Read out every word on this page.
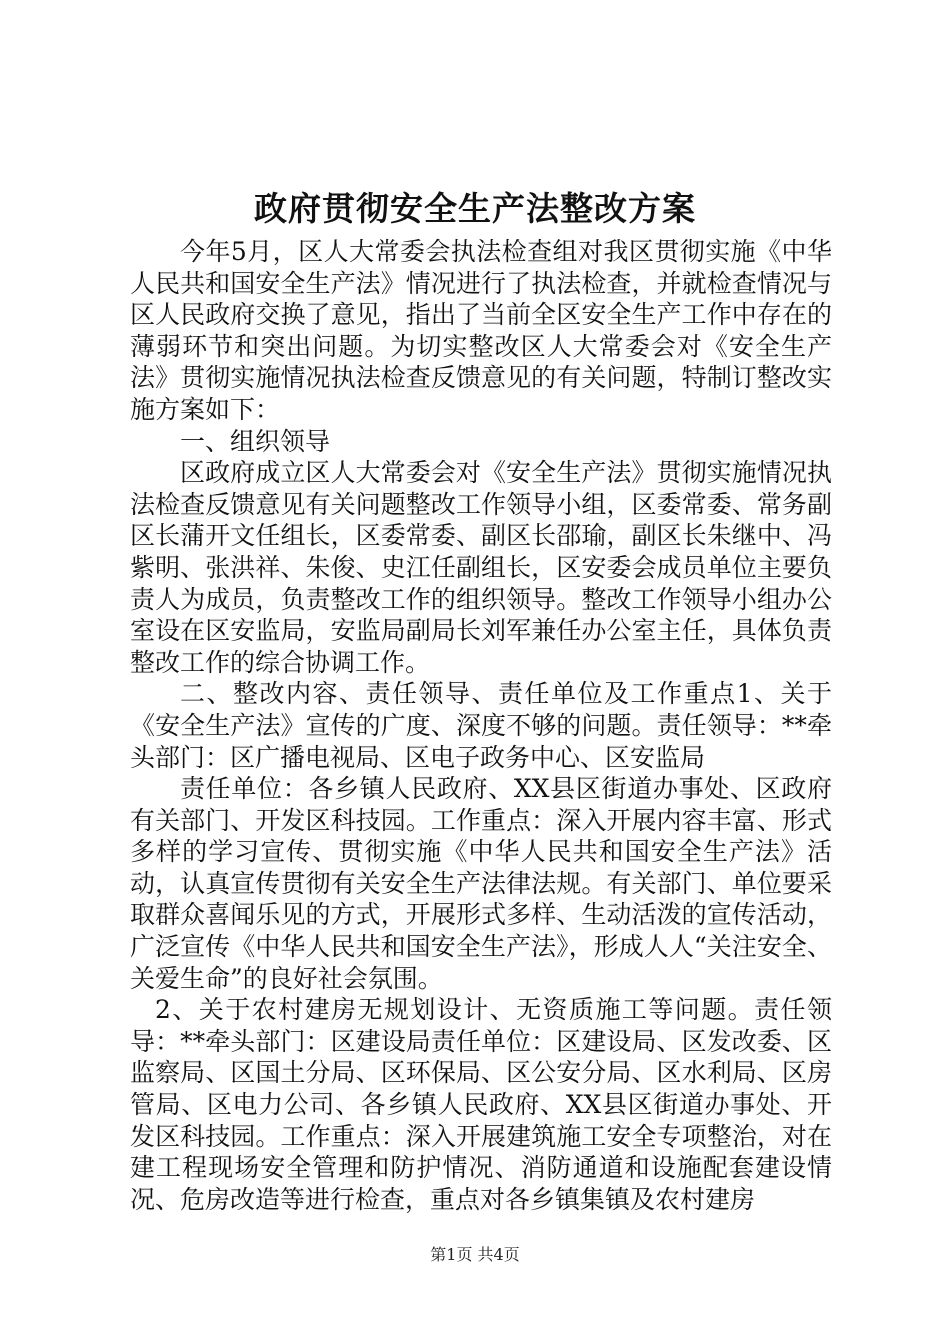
政府贯彻安全生产法整改方案

今年5月，区人大常委会执法检查组对我区贯彻实施《中华人民共和国安全生产法》情况进行了执法检查，并就检查情况与区人民政府交换了意见，指出了当前全区安全生产工作中存在的薄弱环节和突出问题。为切实整改区人大常委会对《安全生产法》贯彻实施情况执法检查反馈意见的有关问题，特制订整改实施方案如下：

一、组织领导

区政府成立区人大常委会对《安全生产法》贯彻实施情况执法检查反馈意见有关问题整改工作领导小组，区委常委、常务副区长蒲开文任组长，区委常委、副区长邵瑜，副区长朱继中、冯紫明、张洪祥、朱俊、史江任副组长，区安委会成员单位主要负责人为成员，负责整改工作的组织领导。整改工作领导小组办公室设在区安监局，安监局副局长刘军兼任办公室主任，具体负责整改工作的综合协调工作。

二、整改内容、责任领导、责任单位及工作重点1、关于《安全生产法》宣传的广度、深度不够的问题。责任领导：**牵头部门：区广播电视局、区电子政务中心、区安监局

责任单位：各乡镇人民政府、XX县区街道办事处、区政府有关部门、开发区科技园。工作重点：深入开展内容丰富、形式多样的学习宣传、贯彻实施《中华人民共和国安全生产法》活动，认真宣传贯彻有关安全生产法律法规。有关部门、单位要采取群众喜闻乐见的方式，开展形式多样、生动活泼的宣传活动，广泛宣传《中华人民共和国安全生产法》，形成人人“关注安全、关爱生命”的良好社会氛围。

2、关于农村建房无规划设计、无资质施工等问题。责任领导：**牵头部门：区建设局责任单位：区建设局、区发改委、区监察局、区国土分局、区环保局、区公安分局、区水利局、区房管局、区电力公司、各乡镇人民政府、XX县区街道办事处、开发区科技园。工作重点：深入开展建筑施工安全专项整治，对在建工程现场安全管理和防护情况、消防通道和设施配套建设情况、危房改造等进行检查，重点对各乡镇集镇及农村建房

第1页 共4页
